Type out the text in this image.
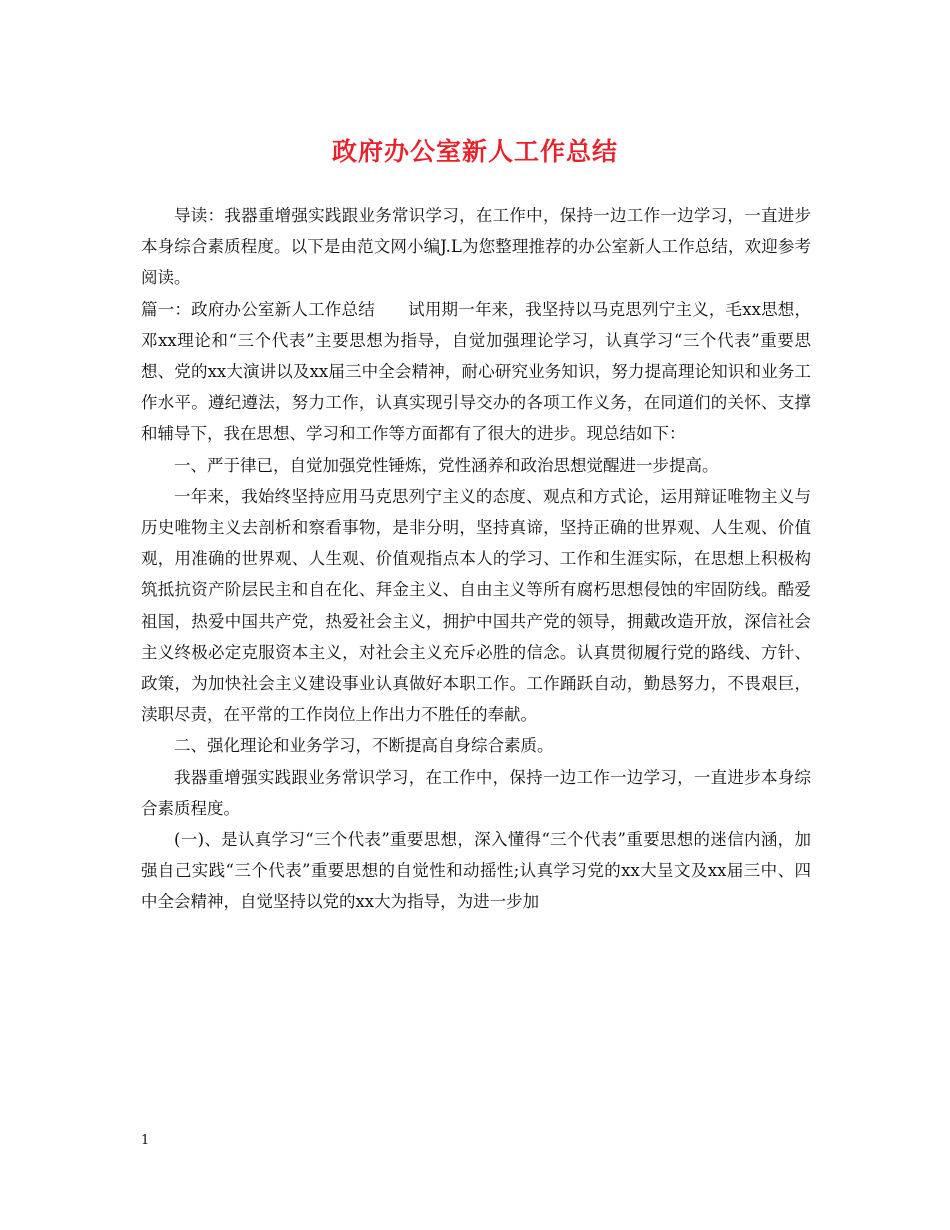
政府办公室新人工作总结

导读：我器重增强实践跟业务常识学习，在工作中，保持一边工作一边学习，一直进步本身综合素质程度。以下是由范文网小编J.L为您整理推荐的办公室新人工作总结，欢迎参考阅读。

篇一：政府办公室新人工作总结 试用期一年来，我坚持以马克思列宁主义，毛xx思想，邓xx理论和“三个代表”主要思想为指导，自觉加强理论学习，认真学习“三个代表”重要思想、党的xx大演讲以及xx届三中全会精神，耐心研究业务知识，努力提高理论知识和业务工作水平。遵纪遵法，努力工作，认真实现引导交办的各项工作义务，在同道们的关怀、支撑和辅导下，我在思想、学习和工作等方面都有了很大的进步。现总结如下：

一、严于律已，自觉加强党性锤炼，党性涵养和政治思想觉醒进一步提高。

一年来，我始终坚持应用马克思列宁主义的态度、观点和方式论，运用辩证唯物主义与历史唯物主义去剖析和察看事物，是非分明，坚持真谛，坚持正确的世界观、人生观、价值观，用准确的世界观、人生观、价值观指点本人的学习、工作和生涯实际，在思想上积极构筑抵抗资产阶层民主和自在化、拜金主义、自由主义等所有腐朽思想侵蚀的牢固防线。酷爱祖国，热爱中国共产党，热爱社会主义，拥护中国共产党的领导，拥戴改造开放，深信社会主义终极必定克服资本主义，对社会主义充斥必胜的信念。认真贯彻履行党的路线、方针、政策，为加快社会主义建设事业认真做好本职工作。工作踊跃自动，勤恳努力，不畏艰巨，渎职尽责，在平常的工作岗位上作出力不胜任的奉献。

二、强化理论和业务学习，不断提高自身综合素质。

我器重增强实践跟业务常识学习，在工作中，保持一边工作一边学习，一直进步本身综合素质程度。

(一)、是认真学习“三个代表”重要思想，深入懂得“三个代表”重要思想的迷信内涵，加强自己实践“三个代表”重要思想的自觉性和动摇性;认真学习党的xx大呈文及xx届三中、四中全会精神，自觉坚持以党的xx大为指导，为进一步加

1
